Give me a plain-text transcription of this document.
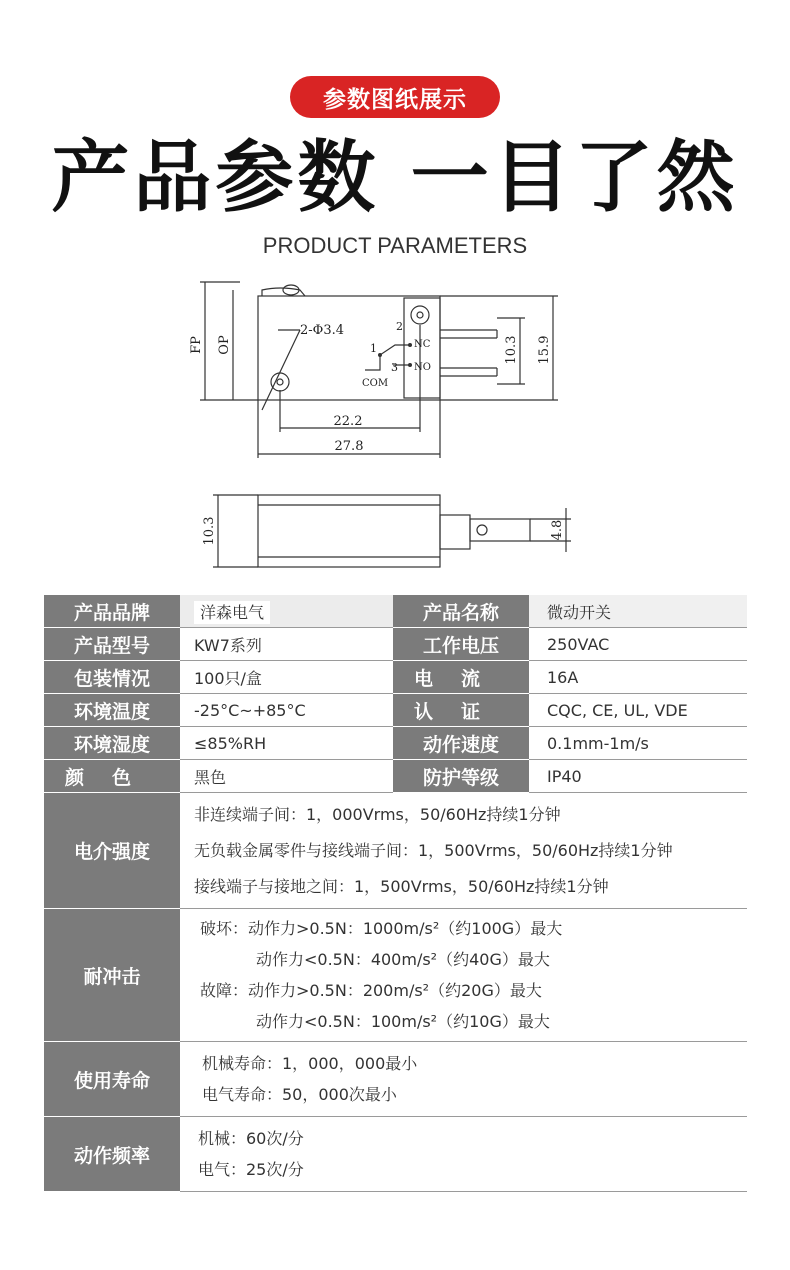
参数图纸展示
产品参数 一目了然
PRODUCT PARAMETERS
FP OP
2-Φ3.4
1
2
3
NC
NO
COM
10.3 15.9
22.2
27.8
10.3	4.8
产品品牌	洋森电气	产品名称	微动开关
产品型号	KW7系列	工作电压	250VAC
包装情况	100只/盒	电流	16A
环境温度	-25°C~+85°C	认证	CQC, CE, UL, VDE
环境湿度	≤85%RH	动作速度	0.1mm-1m/s
颜色	黑色	防护等级	IP40
电介强度	非连续端子间：1，000Vrms，50/60Hz持续1分钟
无负载金属零件与接线端子间：1，500Vrms，50/60Hz持续1分钟
接线端子与接地之间：1，500Vrms，50/60Hz持续1分钟		

耐冲击	破坏：动作力>0.5N：1000m/s²（约100G）最大
动作力<0.5N：400m/s²（约40G）最大
故障：动作力>0.5N：200m/s²（约20G）最大
动作力<0.5N：100m/s²（约10G）最大		

使用寿命	机械寿命：1，000，000最小
电气寿命：50，000次最小		

动作频率	机械：60次/分
电气：25次/分		
